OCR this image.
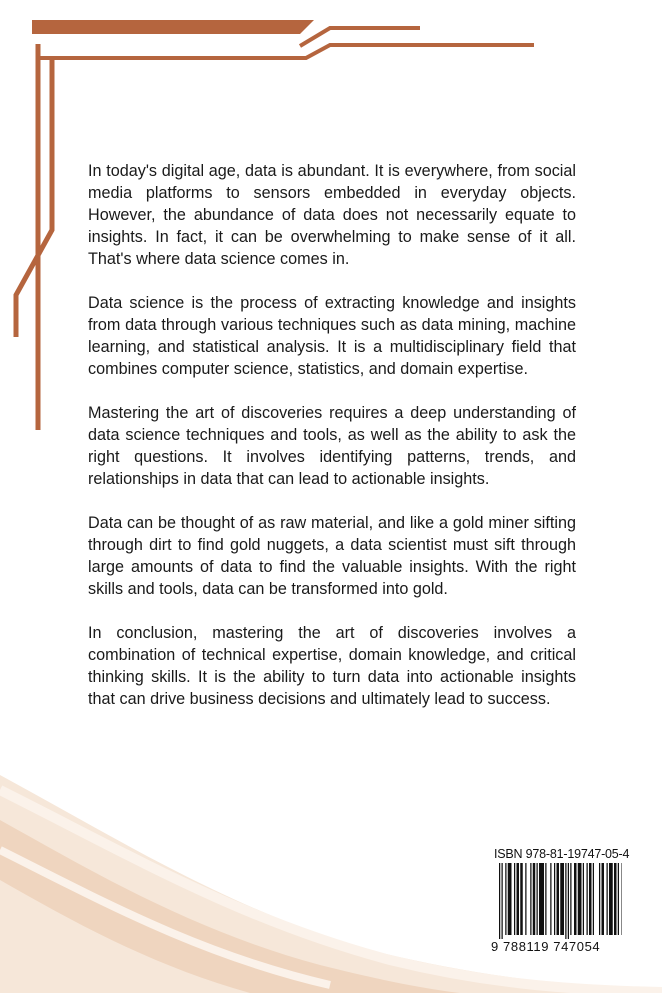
In today's digital age, data is abundant. It is everywhere, from social media platforms to sensors embedded in everyday objects. However, the abundance of data does not necessarily equate to insights. In fact, it can be overwhelming to make sense of it all. That's where data science comes in.

Data science is the process of extracting knowledge and insights from data through various techniques such as data mining, machine learning, and statistical analysis. It is a multidisciplinary field that combines computer science, statistics, and domain expertise.

Mastering the art of discoveries requires a deep understanding of data science techniques and tools, as well as the ability to ask the right questions. It involves identifying patterns, trends, and relationships in data that can lead to actionable insights.

Data can be thought of as raw material, and like a gold miner sifting through dirt to find gold nuggets, a data scientist must sift through large amounts of data to find the valuable insights. With the right skills and tools, data can be transformed into gold.

In conclusion, mastering the art of discoveries involves a combination of technical expertise, domain knowledge, and critical thinking skills. It is the ability to turn data into actionable insights that can drive business decisions and ultimately lead to success.

ISBN 978-81-19747-05-4
9 788119 747054
